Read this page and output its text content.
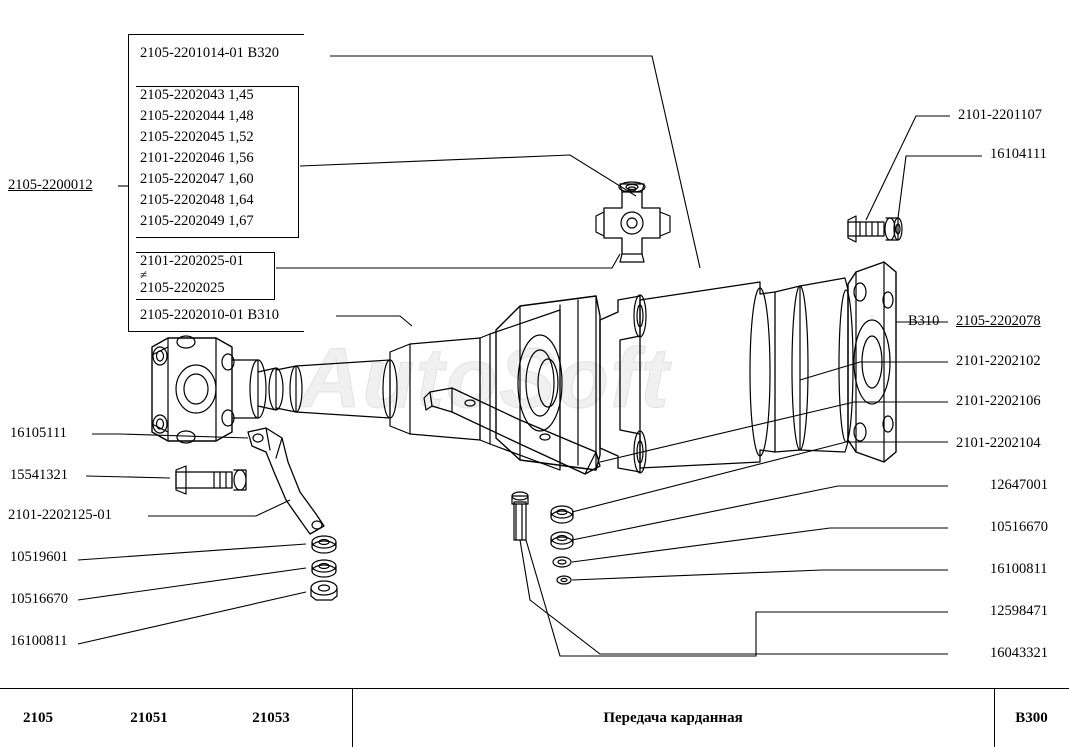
AutoSoft
2105-2200012
2105-2201014-01 B320
2105-2202043 1,45
2105-2202044 1,48
2105-2202045 1,52
2101-2202046 1,56
2105-2202047 1,60
2105-2202048 1,64
2105-2202049 1,67
2101-2202025-01
≠
2105-2202025
2105-2202010-01 B310
2101-2201107
16104111
B310 2105-2202078
2101-2202102
2101-2202106
2101-2202104
12647001
10516670
16100811
12598471
16043321
16105111
15541321
2101-2202125-01
10519601
10516670
16100811
2105	21051	21053	Передача карданная	B300
